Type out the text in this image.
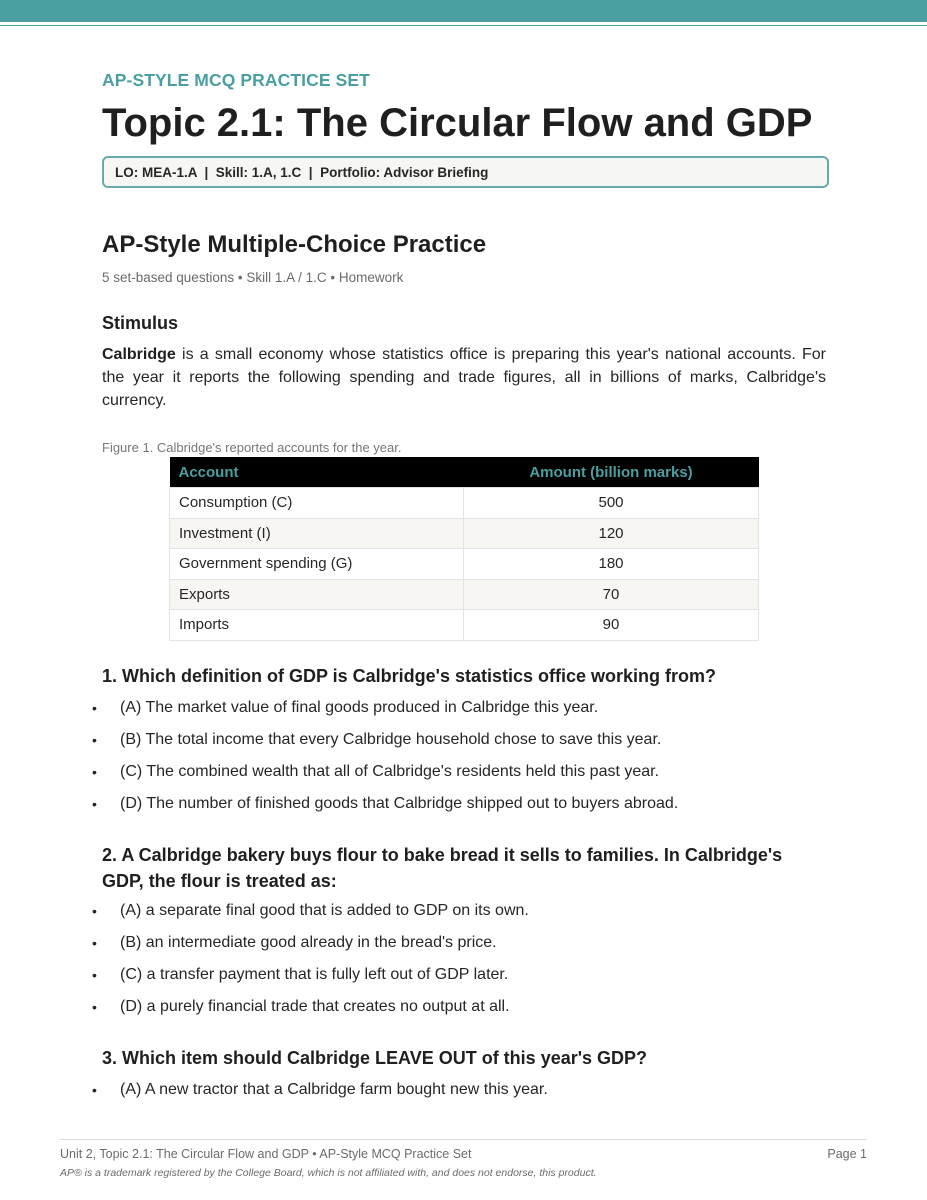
AP-STYLE MCQ PRACTICE SET
Topic 2.1: The Circular Flow and GDP
LO: MEA-1.A  |  Skill: 1.A, 1.C  |  Portfolio: Advisor Briefing
AP-Style Multiple-Choice Practice
5 set-based questions • Skill 1.A / 1.C • Homework
Stimulus

Calbridge is a small economy whose statistics office is preparing this year's national accounts. For the year it reports the following spending and trade figures, all in billions of marks, Calbridge's currency.

Figure 1. Calbridge's reported accounts for the year.
Account	Amount (billion marks)
Consumption (C)	500
Investment (I)	120
Government spending (G)	180
Exports	70
Imports	90

1. Which definition of GDP is Calbridge's statistics office working from?

• (A) The market value of final goods produced in Calbridge this year.
• (B) The total income that every Calbridge household chose to save this year.
• (C) The combined wealth that all of Calbridge's residents held this past year.
• (D) The number of finished goods that Calbridge shipped out to buyers abroad.

2. A Calbridge bakery buys flour to bake bread it sells to families. In Calbridge's GDP, the flour is treated as:

• (A) a separate final good that is added to GDP on its own.
• (B) an intermediate good already in the bread's price.
• (C) a transfer payment that is fully left out of GDP later.
• (D) a purely financial trade that creates no output at all.

3. Which item should Calbridge LEAVE OUT of this year's GDP?

• (A) A new tractor that a Calbridge farm bought new this year.
Unit 2, Topic 2.1: The Circular Flow and GDP • AP-Style MCQ Practice Set	Page 1
AP® is a trademark registered by the College Board, which is not affiliated with, and does not endorse, this product.
